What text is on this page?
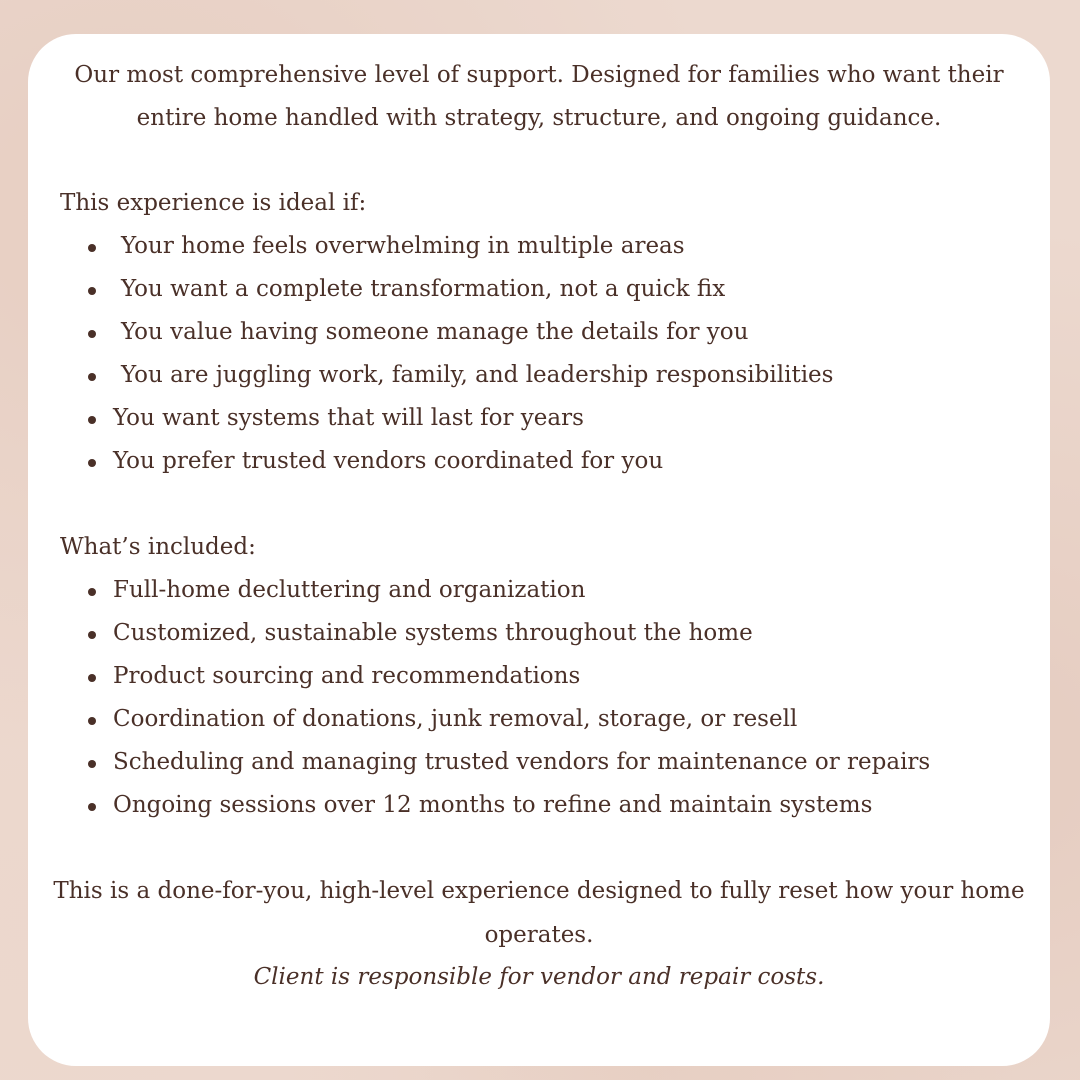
Our most comprehensive level of support. Designed for families who want their entire home handled with strategy, structure, and ongoing guidance.

This experience is ideal if:

Your home feels overwhelming in multiple areas
You want a complete transformation, not a quick fix
You value having someone manage the details for you
You are juggling work, family, and leadership responsibilities
You want systems that will last for years
You prefer trusted vendors coordinated for you

What’s included:

Full-home decluttering and organization
Customized, sustainable systems throughout the home
Product sourcing and recommendations
Coordination of donations, junk removal, storage, or resell
Scheduling and managing trusted vendors for maintenance or repairs
Ongoing sessions over 12 months to refine and maintain systems

This is a done-for-you, high-level experience designed to fully reset how your home operates.

Client is responsible for vendor and repair costs.
